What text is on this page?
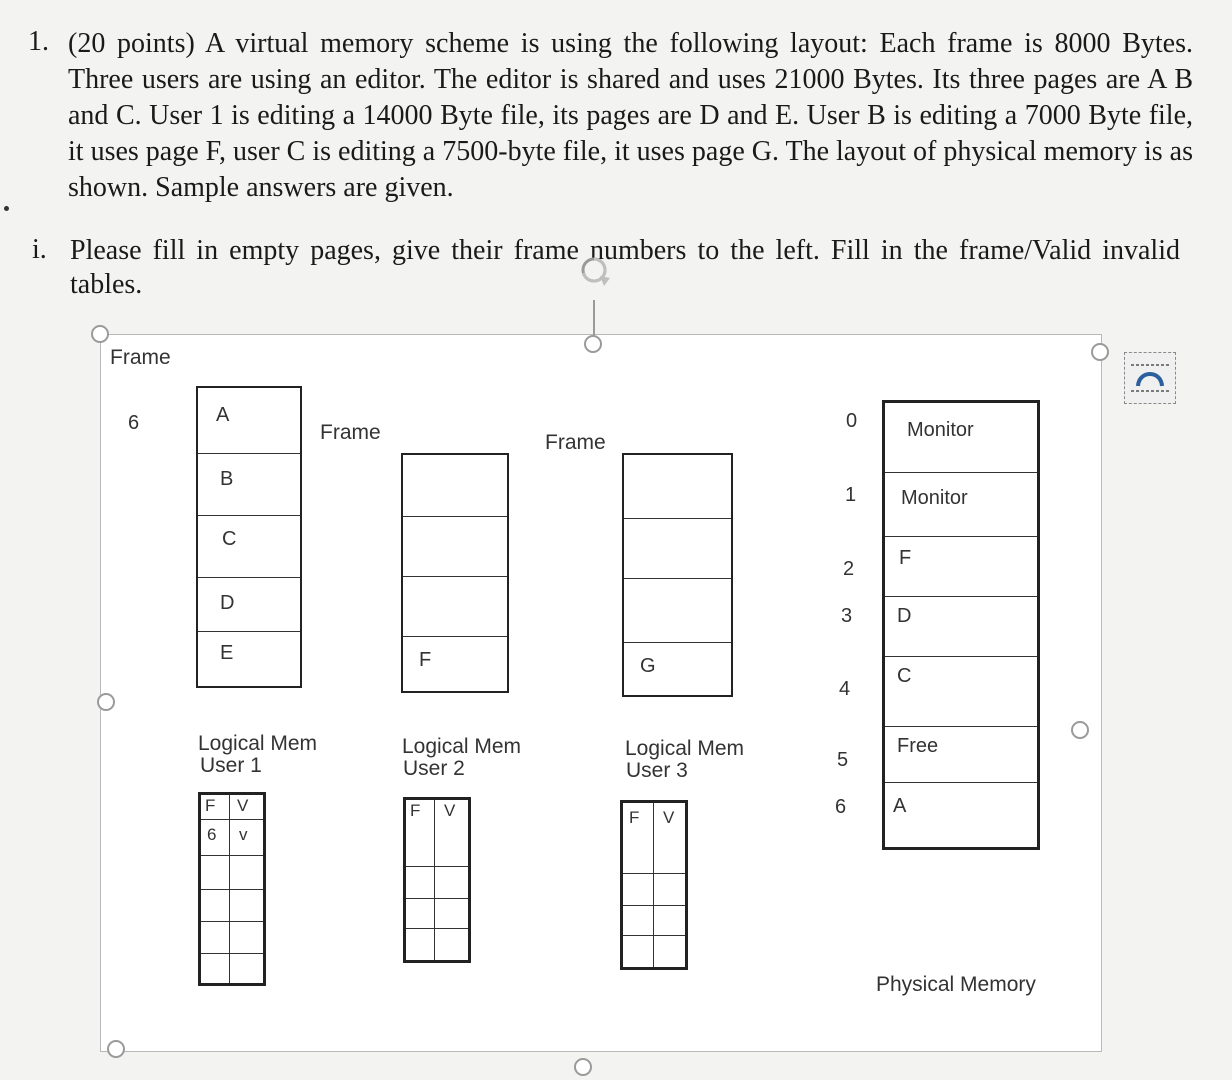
1. (20 points) A virtual memory scheme is using the following layout: Each frame is 8000 Bytes. Three users are using an editor. The editor is shared and uses 21000 Bytes. Its three pages are A B and C. User 1 is editing a 14000 Byte file, its pages are D and E. User B is editing a 7000 Byte file, it uses page F, user C is editing a 7500-byte file, it uses page G. The layout of physical memory is as shown. Sample answers are given.
i. Please fill in empty pages, give their frame numbers to the left. Fill in the frame/Valid invalid tables.
Frame
6	A
B
C
D
E
Logical Mem
User 1
F V
6 v
Frame
F
Logical Mem
User 2
F V
Frame
G
Logical Mem
User 3
F V
0
1
2
3
4
5
6
Monitor
Monitor
F
D
C
Free
A
Physical Memory
